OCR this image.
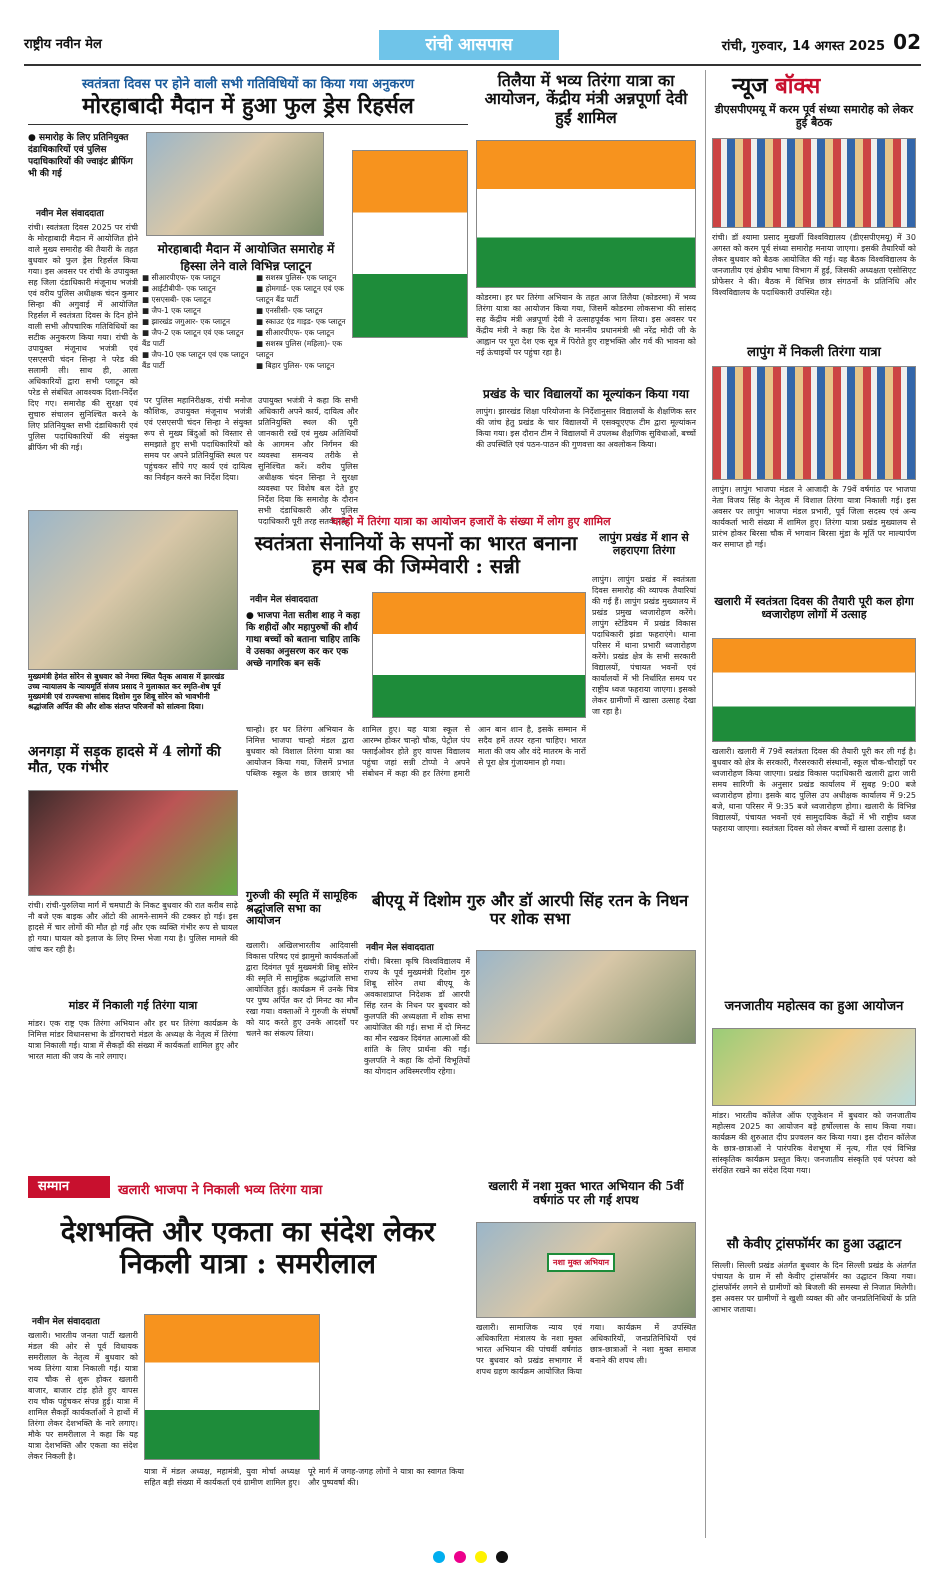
राष्ट्रीय नवीन मेल	रांची आसपास	रांची, गुरुवार, 14 अगस्त 2025 02
स्वतंत्रता दिवस पर होने वाली सभी गतिविधियों का किया गया अनुकरण
मोरहाबादी मैदान में हुआ फुल ड्रेस रिहर्सल
● समारोह के लिए प्रतिनियुक्त दंडाधिकारियों एवं पुलिस पदाधिकारियों की ज्वाइंट ब्रीफिंग भी की गई
नवीन मेल संवाददाता
रांची। स्वतंत्रता दिवस 2025 पर रांची के मोरहाबादी मैदान में आयोजित होने वाले मुख्य समारोह की तैयारी के तहत बुधवार को फुल ड्रेस रिहर्सल किया गया। इस अवसर पर रांची के उपायुक्त सह जिला दंडाधिकारी मंजूनाथ भजंत्री एवं वरीय पुलिस अधीक्षक चंदन कुमार सिन्हा की अगुवाई में आयोजित रिहर्सल में स्वतंत्रता दिवस के दिन होने वाली सभी औपचारिक गतिविधियों का सटीक अनुकरण किया गया। रांची के उपायुक्त मंजूनाथ भजंत्री एवं एसएसपी चंदन सिन्हा ने परेड की सलामी ली। साथ ही, आला अधिकारियों द्वारा सभी प्लाटून को परेड से संबंधित आवश्यक दिशा-निर्देश दिए गए। समारोह की सुरक्षा एवं सुचारु संचालन सुनिश्चित करने के लिए प्रतिनियुक्त सभी दंडाधिकारी एवं पुलिस पदाधिकारियों की संयुक्त ब्रीफिंग भी की गई।
मोरहाबादी मैदान में आयोजित समारोह में हिस्सा लेने वाले विभिन्न प्लाटून
■ सीआरपीएफ- एक प्लाटून
■ आईटीबीपी- एक प्लाटून
■ एसएसबी- एक प्लाटून
■ जैप-1 एक प्लाटून
■ झारखंड जगुआर- एक प्लाटून
■ जैप-2 एक प्लाटून एवं एक प्लाटून बैंड पार्टी
■ जैप-10 एक प्लाटून एवं एक प्लाटून बैंड पार्टी
■ सशस्त्र पुलिस- एक प्लाटून
■ होमगार्ड- एक प्लाटून एवं एक प्लाटून बैंड पार्टी
■ एनसीसी- एक प्लाटून
■ स्काउट एंड गाइड- एक प्लाटून
■ सीआरपीएफ- एक प्लाटून
■ सशस्त्र पुलिस (महिला)- एक प्लाटून
■ बिहार पुलिस- एक प्लाटून
पर पुलिस महानिरीक्षक, रांची मनोज कौशिक, उपायुक्त मंजूनाथ भजंत्री एवं एसएसपी चंदन सिन्हा ने संयुक्त रूप से मुख्य बिंदुओं को विस्तार से समझाते हुए सभी पदाधिकारियों को समय पर अपने प्रतिनियुक्ति स्थल पर पहुंचकर सौंपे गए कार्य एवं दायित्व का निर्वहन करने का निर्देश दिया।
उपायुक्त भजंत्री ने कहा कि सभी अधिकारी अपने कार्य, दायित्व और प्रतिनियुक्ति स्थल की पूरी जानकारी रखें एवं मुख्य अतिथियों के आगमन और निर्गमन की व्यवस्था समन्वय तरीके से सुनिश्चित करें। वरीय पुलिस अधीक्षक चंदन सिन्हा ने सुरक्षा व्यवस्था पर विशेष बल देते हुए निर्देश दिया कि समारोह के दौरान सभी दंडाधिकारी और पुलिस पदाधिकारी पूरी तरह सतर्क रहें।
मुख्यमंत्री हेमंत सोरेन से बुधवार को नेमरा स्थित पैतृक आवास में झारखंड उच्च न्यायालय के न्यायमूर्ति संजय प्रसाद ने मुलाकात कर स्मृति-शेष पूर्व मुख्यमंत्री एवं राज्यसभा सांसद दिशोम गुरु शिबू सोरेन को भावभीनी श्रद्धांजलि अर्पित की और शोक संतप्त परिजनों को सांत्वना दिया।
तिलैया में भव्य तिरंगा यात्रा का आयोजन, केंद्रीय मंत्री अन्नपूर्णा देवी हुईं शामिल
कोडरमा। हर घर तिरंगा अभियान के तहत आज तिलैया (कोडरमा) में भव्य तिरंगा यात्रा का आयोजन किया गया, जिसमें कोडरमा लोकसभा की सांसद सह केंद्रीय मंत्री अन्नपूर्णा देवी ने उत्साहपूर्वक भाग लिया। इस अवसर पर केंद्रीय मंत्री ने कहा कि देश के माननीय प्रधानमंत्री श्री नरेंद्र मोदी जी के आह्वान पर पूरा देश एक सूत्र में पिरोते हुए राष्ट्रभक्ति और गर्व की भावना को नई ऊंचाइयों पर पहुंचा रहा है।
प्रखंड के चार विद्यालयों का मूल्यांकन किया गया
लापुंग। झारखंड शिक्षा परियोजना के निर्देशानुसार विद्यालयों के शैक्षणिक स्तर की जांच हेतु प्रखंड के चार विद्यालयों में एसक्यूएएफ टीम द्वारा मूल्यांकन किया गया। इस दौरान टीम ने विद्यालयों में उपलब्ध शैक्षणिक सुविधाओं, बच्चों की उपस्थिति एवं पठन-पाठन की गुणवत्ता का अवलोकन किया।
न्यूज बॉक्स
डीएसपीएमयू में करम पूर्व संध्या समारोह को लेकर हुई बैठक
रांची। डॉ श्यामा प्रसाद मुखर्जी विश्वविद्यालय (डीएसपीएमयू) में 30 अगस्त को करम पूर्व संध्या समारोह मनाया जाएगा। इसकी तैयारियों को लेकर बुधवार को बैठक आयोजित की गई। यह बैठक विश्वविद्यालय के जनजातीय एवं क्षेत्रीय भाषा विभाग में हुई, जिसकी अध्यक्षता एसोसिएट प्रोफेसर ने की। बैठक में विभिन्न छात्र संगठनों के प्रतिनिधि और विश्वविद्यालय के पदाधिकारी उपस्थित रहे।
लापुंग में निकली तिरंगा यात्रा
लापुंग। लापुंग भाजपा मंडल ने आजादी के 79वें वर्षगांठ पर भाजपा नेता विजय सिंह के नेतृत्व में विशाल तिरंगा यात्रा निकाली गई। इस अवसर पर लापुंग भाजपा मंडल प्रभारी, पूर्व जिला सदस्य एवं अन्य कार्यकर्ता भारी संख्या में शामिल हुए। तिरंगा यात्रा प्रखंड मुख्यालय से प्रारंभ होकर बिरसा चौक में भगवान बिरसा मुंडा के मूर्ति पर माल्यार्पण कर समाप्त हो गई।
खलारी में स्वतंत्रता दिवस की तैयारी पूरी कल होगा ध्वजारोहण लोगों में उत्साह
खलारी। खलारी में 79वें स्वतंत्रता दिवस की तैयारी पूरी कर ली गई है। बुधवार को क्षेत्र के सरकारी, गैरसरकारी संस्थानों, स्कूल चौक-चौराहों पर ध्वजारोहण किया जाएगा। प्रखंड विकास पदाधिकारी खलारी द्वारा जारी समय सारिणी के अनुसार प्रखंड कार्यालय में सुबह 9:00 बजे ध्वजारोहण होगा। इसके बाद पुलिस उप अधीक्षक कार्यालय में 9:25 बजे, थाना परिसर में 9:35 बजे ध्वजारोहण होगा। खलारी के विभिन्न विद्यालयों, पंचायत भवनों एवं सामुदायिक केंद्रों में भी राष्ट्रीय ध्वज फहराया जाएगा। स्वतंत्रता दिवस को लेकर बच्चों में खासा उत्साह है।
जनजातीय महोत्सव का हुआ आयोजन
मांडर। भारतीय कॉलेज ऑफ एजुकेशन में बुधवार को जनजातीय महोत्सव 2025 का आयोजन बड़े हर्षोल्लास के साथ किया गया। कार्यक्रम की शुरुआत दीप प्रज्वलन कर किया गया। इस दौरान कॉलेज के छात्र-छात्राओं ने पारंपरिक वेशभूषा में नृत्य, गीत एवं विभिन्न सांस्कृतिक कार्यक्रम प्रस्तुत किए। जनजातीय संस्कृति एवं परंपरा को संरक्षित रखने का संदेश दिया गया।
सौ केवीए ट्रांसफॉर्मर का हुआ उद्घाटन
सिल्ली। सिल्ली प्रखंड अंतर्गत बुधवार के दिन सिल्ली प्रखंड के अंतर्गत पंचायत के ग्राम में सौ केवीए ट्रांसफॉर्मर का उद्घाटन किया गया। ट्रांसफॉर्मर लगने से ग्रामीणों को बिजली की समस्या से निजात मिलेगी। इस अवसर पर ग्रामीणों ने खुशी व्यक्त की और जनप्रतिनिधियों के प्रति आभार जताया।
चान्हो में तिरंगा यात्रा का आयोजन हजारों के संख्या में लोग हुए शामिल
स्वतंत्रता सेनानियों के सपनों का भारत बनाना हम सब की जिम्मेवारी : सन्नी
नवीन मेल संवाददाता
● भाजपा नेता सतीश शाह ने कहा कि शहीदों और महापुरुषों की शौर्य गाथा बच्चों को बताना चाहिए ताकि वे उसका अनुसरण कर कर एक अच्छे नागरिक बन सकें
चान्हो। हर घर तिरंगा अभियान के निमित्त भाजपा चान्हो मंडल द्वारा बुधवार को विशाल तिरंगा यात्रा का आयोजन किया गया, जिसमें प्रभात पब्लिक स्कूल के छात्र छात्राएं भी शामिल हुए। यह यात्रा स्कूल से आरम्भ होकर चान्हो चौक, पेट्रोल पंप फ्लाईओवर होते हुए वापस विद्यालय पहुंचा जहां सन्नी टोप्पो ने अपने संबोधन में कहा की हर तिरंगा हमारी आन बान शान है, इसके सम्मान में सदैव हमें तत्पर रहना चाहिए। भारत माता की जय और वंदे मातरम के नारों से पूरा क्षेत्र गुंजायमान हो गया।
लापुंग प्रखंड में शान से लहराएगा तिरंगा
लापुंग। लापुंग प्रखंड में स्वतंत्रता दिवस समारोह की व्यापक तैयारियां की गई हैं। लापुंग प्रखंड मुख्यालय में प्रखंड प्रमुख ध्वजारोहण करेंगे। लापुंग स्टेडियम में प्रखंड विकास पदाधिकारी झंडा फहराएंगे। थाना परिसर में थाना प्रभारी ध्वजारोहण करेंगे। प्रखंड क्षेत्र के सभी सरकारी विद्यालयों, पंचायत भवनों एवं कार्यालयों में भी निर्धारित समय पर राष्ट्रीय ध्वज फहराया जाएगा। इसको लेकर ग्रामीणों में खासा उत्साह देखा जा रहा है।
अनगड़ा में सड़क हादसे में 4 लोगों की मौत, एक गंभीर
रांची। रांची-पुरुलिया मार्ग में चमघाटी के निकट बुधवार की रात करीब साढ़े नौ बजे एक बाइक और ऑटो की आमने-सामने की टक्कर हो गई। इस हादसे में चार लोगों की मौत हो गई और एक व्यक्ति गंभीर रूप से घायल हो गया। घायल को इलाज के लिए रिम्स भेजा गया है। पुलिस मामले की जांच कर रही है।
मांडर में निकाली गई तिरंगा यात्रा
मांडर। एक राष्ट्र एक तिरंगा अभियान और हर घर तिरंगा कार्यक्रम के निमित्त मांडर विधानसभा के डोंगराचरो मंडल के अध्यक्ष के नेतृत्व में तिरंगा यात्रा निकाली गई। यात्रा में सैकड़ों की संख्या में कार्यकर्ता शामिल हुए और भारत माता की जय के नारे लगाए।
गुरुजी की स्मृति में सामूहिक श्रद्धांजलि सभा का आयोजन
खलारी। अखिलभारतीय आदिवासी विकास परिषद एवं झामुमो कार्यकर्ताओं द्वारा दिवंगत पूर्व मुख्यमंत्री शिबू सोरेन की स्मृति में सामूहिक श्रद्धांजलि सभा आयोजित हुई। कार्यक्रम में उनके चित्र पर पुष्प अर्पित कर दो मिनट का मौन रखा गया। वक्ताओं ने गुरुजी के संघर्षों को याद करते हुए उनके आदर्शों पर चलने का संकल्प लिया।
बीएयू में दिशोम गुरु और डॉ आरपी सिंह रतन के निधन पर शोक सभा
नवीन मेल संवाददाता
रांची। बिरसा कृषि विश्वविद्यालय में राज्य के पूर्व मुख्यमंत्री दिशोम गुरु शिबू सोरेन तथा बीएयू के अवकाशप्राप्त निदेशक डॉ आरपी सिंह रतन के निधन पर बुधवार को कुलपति की अध्यक्षता में शोक सभा आयोजित की गई। सभा में दो मिनट का मौन रखकर दिवंगत आत्माओं की शांति के लिए प्रार्थना की गई। कुलपति ने कहा कि दोनों विभूतियों का योगदान अविस्मरणीय रहेगा।
सम्मान	खलारी भाजपा ने निकाली भव्य तिरंगा यात्रा
देशभक्ति और एकता का संदेश लेकर निकली यात्रा : समरीलाल
नवीन मेल संवाददाता
खलारी। भारतीय जनता पार्टी खलारी मंडल की ओर से पूर्व विधायक समरीलाल के नेतृत्व में बुधवार को भव्य तिरंगा यात्रा निकाली गई। यात्रा राय चौक से शुरू होकर खलारी बाजार, बाजार टांड़ होते हुए वापस राय चौक पहुंचकर संपन्न हुई। यात्रा में शामिल सैकड़ों कार्यकर्ताओं ने हाथों में तिरंगा लेकर देशभक्ति के नारे लगाए। मौके पर समरीलाल ने कहा कि यह यात्रा देशभक्ति और एकता का संदेश लेकर निकली है।
यात्रा में मंडल अध्यक्ष, महामंत्री, युवा मोर्चा अध्यक्ष सहित बड़ी संख्या में कार्यकर्ता एवं ग्रामीण शामिल हुए। पूरे मार्ग में जगह-जगह लोगों ने यात्रा का स्वागत किया और पुष्पवर्षा की।
खलारी में नशा मुक्त भारत अभियान की 5वीं वर्षगांठ पर ली गई शपथ
नशा मुक्त अभियान
खलारी। सामाजिक न्याय एवं अधिकारिता मंत्रालय के नशा मुक्त भारत अभियान की पांचवीं वर्षगांठ पर बुधवार को प्रखंड सभागार में शपथ ग्रहण कार्यक्रम आयोजित किया गया। कार्यक्रम में उपस्थित अधिकारियों, जनप्रतिनिधियों एवं छात्र-छात्राओं ने नशा मुक्त समाज बनाने की शपथ ली।
